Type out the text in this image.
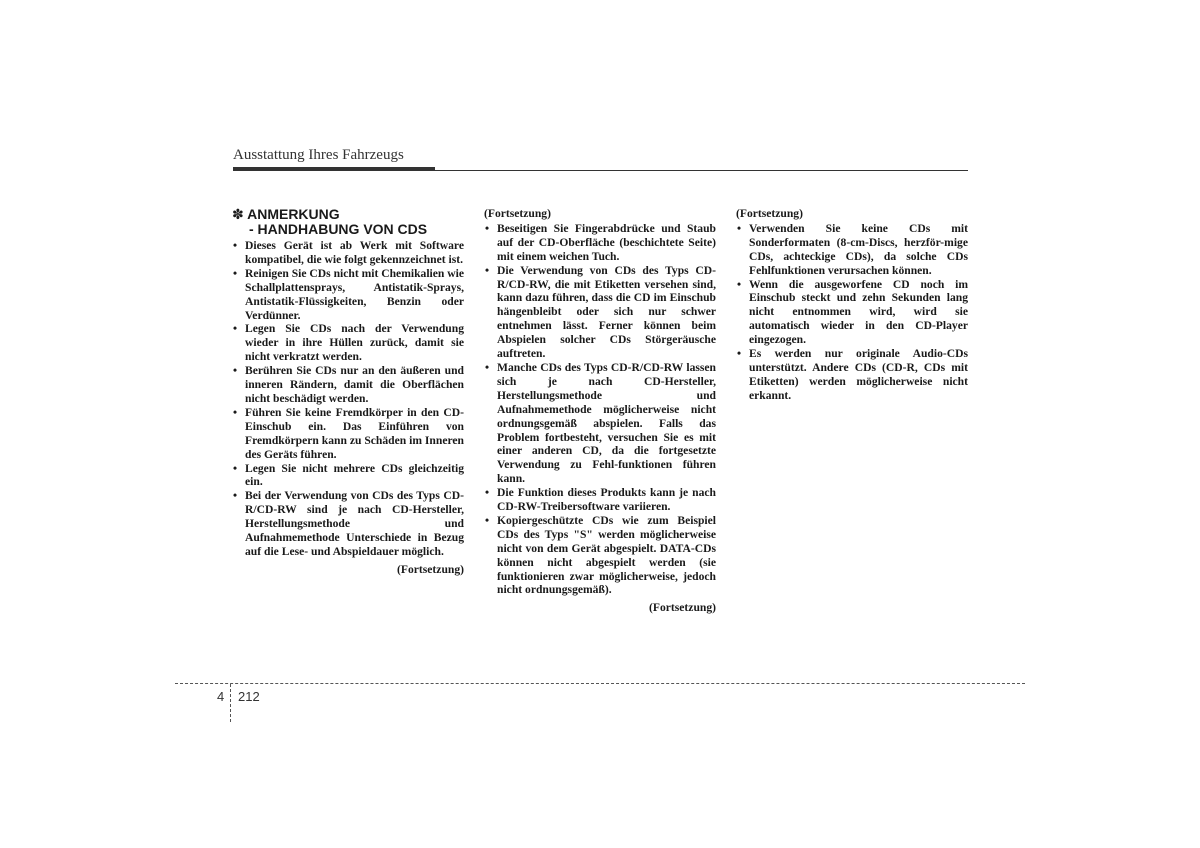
Ausstattung Ihres Fahrzeugs
✽ ANMERKUNG
- HANDHABUNG VON CDS
• Dieses Gerät ist ab Werk mit Software kompatibel, die wie folgt gekennzeichnet ist.
• Reinigen Sie CDs nicht mit Chemikalien wie Schallplattensprays, Antistatik-Sprays, Antistatik-Flüssigkeiten, Benzin oder Verdünner.
• Legen Sie CDs nach der Verwendung wieder in ihre Hüllen zurück, damit sie nicht verkratzt werden.
• Berühren Sie CDs nur an den äußeren und inneren Rändern, damit die Oberflächen nicht beschädigt werden.
• Führen Sie keine Fremdkörper in den CD-Einschub ein. Das Einführen von Fremdkörpern kann zu Schäden im Inneren des Geräts führen.
• Legen Sie nicht mehrere CDs gleichzeitig ein.
• Bei der Verwendung von CDs des Typs CD-R/CD-RW sind je nach CD-Hersteller, Herstellungsmethode und Aufnahmemethode Unterschiede in Bezug auf die Lese- und Abspieldauer möglich.
(Fortsetzung)
(Fortsetzung)
• Beseitigen Sie Fingerabdrücke und Staub auf der CD-Oberfläche (beschichtete Seite) mit einem weichen Tuch.
• Die Verwendung von CDs des Typs CD-R/CD-RW, die mit Etiketten versehen sind, kann dazu führen, dass die CD im Einschub hängenbleibt oder sich nur schwer entnehmen lässt. Ferner können beim Abspielen solcher CDs Störgeräusche auftreten.
• Manche CDs des Typs CD-R/CD-RW lassen sich je nach CD-Hersteller, Herstellungsmethode und Aufnahmemethode möglicherweise nicht ordnungsgemäß abspielen. Falls das Problem fortbesteht, versuchen Sie es mit einer anderen CD, da die fortgesetzte Verwendung zu Fehl-funktionen führen kann.
• Die Funktion dieses Produkts kann je nach CD-RW-Treibersoftware variieren.
• Kopiergeschützte CDs wie zum Beispiel CDs des Typs "S" werden möglicherweise nicht von dem Gerät abgespielt. DATA-CDs können nicht abgespielt werden (sie funktionieren zwar möglicherweise, jedoch nicht ordnungsgemäß).
(Fortsetzung)
(Fortsetzung)
• Verwenden Sie keine CDs mit Sonderformaten (8-cm-Discs, herzför-mige CDs, achteckige CDs), da solche CDs Fehlfunktionen verursachen können.
• Wenn die ausgeworfene CD noch im Einschub steckt und zehn Sekunden lang nicht entnommen wird, wird sie automatisch wieder in den CD-Player eingezogen.
• Es werden nur originale Audio-CDs unterstützt. Andere CDs (CD-R, CDs mit Etiketten) werden möglicherweise nicht erkannt.
4 212
